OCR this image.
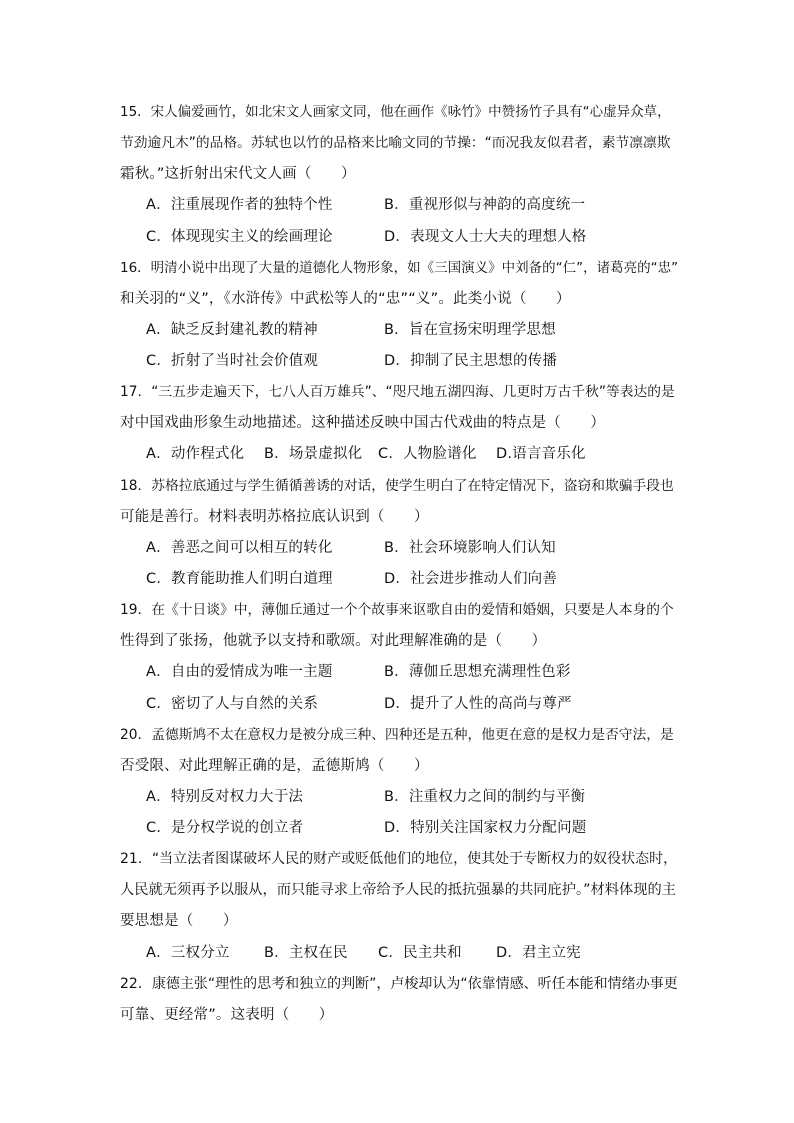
15．宋人偏爱画竹，如北宋文人画家文同，他在画作《咏竹》中赞扬竹子具有“心虚异众草，
节劲逾凡木”的品格。苏轼也以竹的品格来比喻文同的节操：“而况我友似君者，素节凛凛欺
霜秋。”这折射出宋代文人画（　　）
A．注重展现作者的独特个性	B．重视形似与神韵的高度统一
C．体现现实主义的绘画理论	D．表现文人士大夫的理想人格
16．明清小说中出现了大量的道德化人物形象，如《三国演义》中刘备的“仁”，诸葛亮的“忠”
和关羽的“义”，《水浒传》中武松等人的“忠”“义”。此类小说（　　）
A．缺乏反封建礼教的精神	B．旨在宣扬宋明理学思想
C．折射了当时社会价值观	D．抑制了民主思想的传播
17．“三五步走遍天下，七八人百万雄兵”、“咫尺地五湖四海、几更时万古千秋”等表达的是
对中国戏曲形象生动地描述。这种描述反映中国古代戏曲的特点是（　　）
A．动作程式化 B．场景虚拟化 C．人物脸谱化 D.语言音乐化
18．苏格拉底通过与学生循循善诱的对话，使学生明白了在特定情况下，盗窃和欺骗手段也
可能是善行。材料表明苏格拉底认识到（　　）
A．善恶之间可以相互的转化	B．社会环境影响人们认知
C．教育能助推人们明白道理	D．社会进步推动人们向善
19．在《十日谈》中，薄伽丘通过一个个故事来讴歌自由的爱情和婚姻，只要是人本身的个
性得到了张扬，他就予以支持和歌颂。对此理解准确的是（　　）
A．自由的爱情成为唯一主题	B．薄伽丘思想充满理性色彩
C．密切了人与自然的关系	D．提升了人性的高尚与尊严
20．孟德斯鸠不太在意权力是被分成三种、四种还是五种，他更在意的是权力是否守法，是
否受限、对此理解正确的是，孟德斯鸠（　　）
A．特别反对权力大于法	B．注重权力之间的制约与平衡
C．是分权学说的创立者	D．特别关注国家权力分配问题
21．“当立法者图谋破坏人民的财产或贬低他们的地位，使其处于专断权力的奴役状态时，
人民就无须再予以服从，而只能寻求上帝给予人民的抵抗强暴的共同庇护。”材料体现的主
要思想是（　　）
A．三权分立 B．主权在民 C．民主共和 D．君主立宪
22．康德主张“理性的思考和独立的判断”，卢梭却认为“依靠情感、听任本能和情绪办事更
可靠、更经常”。这表明（　　）
